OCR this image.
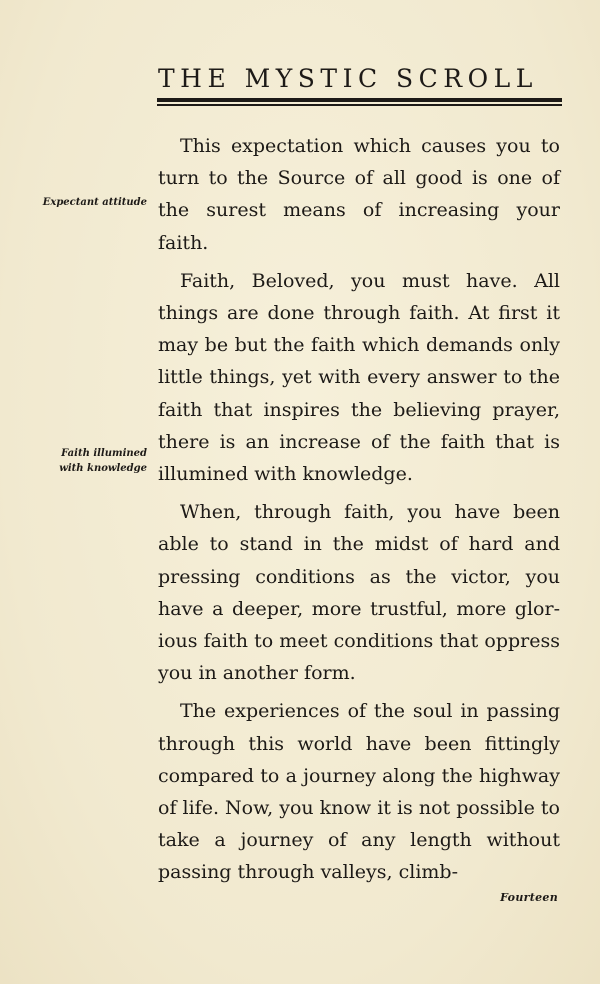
THE MYSTIC SCROLL
Expectant attitude
Faith illumined
with knowledge

This expectation which causes you to turn to the Source of all good is one of the surest means of increasing your faith.

Faith, Beloved, you must have. All things are done through faith. At first it may be but the faith which demands only little things, yet with every answer to the faith that inspires the believing prayer, there is an increase of the faith that is illumined with knowledge.

When, through faith, you have been able to stand in the midst of hard and pressing conditions as the victor, you have a deeper, more trustful, more glorious faith to meet conditions that oppress you in another form.

The experiences of the soul in passing through this world have been fittingly compared to a journey along the highway of life. Now, you know it is not possible to take a journey of any length without passing through valleys, climb-

Fourteen
